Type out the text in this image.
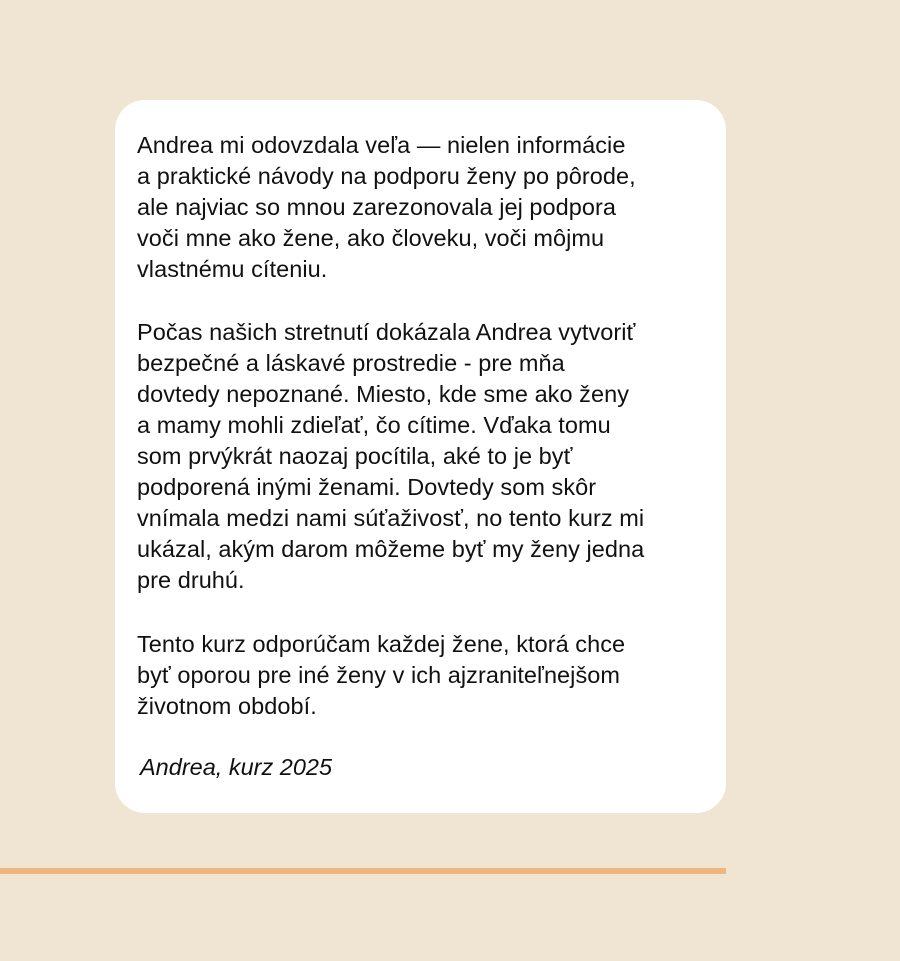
Andrea mi odovzdala veľa — nielen informácie
a praktické návody na podporu ženy po pôrode,
ale najviac so mnou zarezonovala jej podpora
voči mne ako žene, ako človeku, voči môjmu
vlastnému cíteniu.

Počas našich stretnutí dokázala Andrea vytvoriť
bezpečné a láskavé prostredie - pre mňa
dovtedy nepoznané. Miesto, kde sme ako ženy
a mamy mohli zdieľať, čo cítime. Vďaka tomu
som prvýkrát naozaj pocítila, aké to je byť
podporená inými ženami. Dovtedy som skôr
vnímala medzi nami súťaživosť, no tento kurz mi
ukázal, akým darom môžeme byť my ženy jedna
pre druhú.

Tento kurz odporúčam každej žene, ktorá chce
byť oporou pre iné ženy v ich ajzraniteľnejšom
životnom období.

Andrea, kurz 2025
